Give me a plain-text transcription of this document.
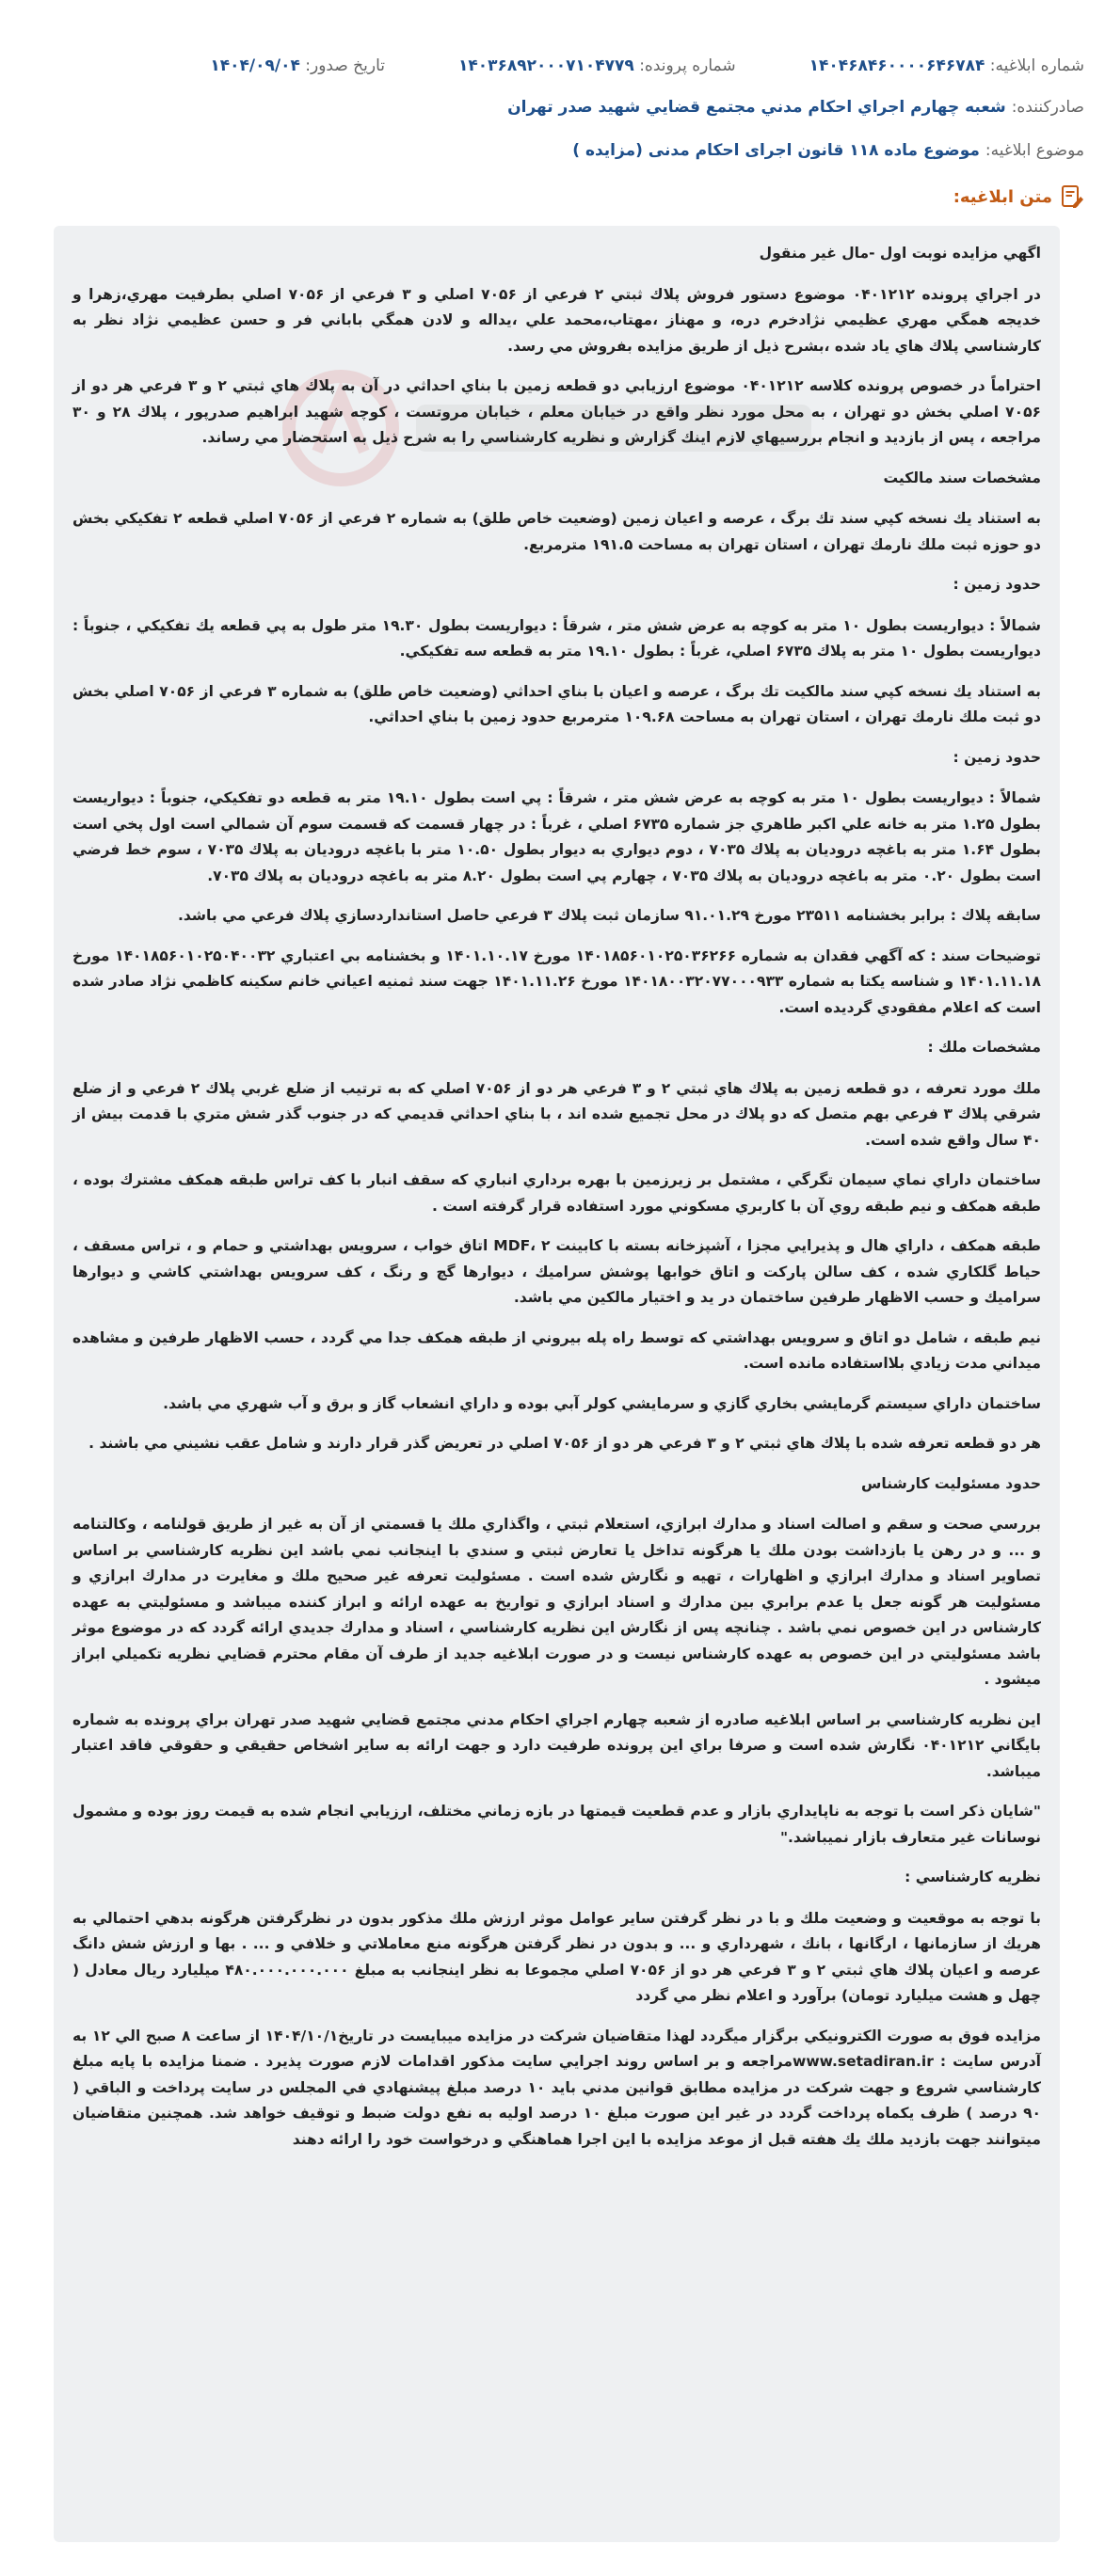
شماره ابلاغیه: ۱۴۰۴۶۸۴۶۰۰۰۰۶۴۶۷۸۴
شماره پرونده: ۱۴۰۳۶۸۹۲۰۰۰۷۱۰۴۷۷۹
تاریخ صدور: ۱۴۰۴/۰۹/۰۴
صادرکننده:
شعبه چهارم اجراي احكام مدني مجتمع قضايي شهيد صدر تهران
موضوع ابلاغیه:
موضوع ماده ۱۱۸ قانون اجرای احکام مدنی (مزایده )
متن ابلاغیه:
اگهي مزايده نوبت اول -مال غير منقول
در اجراي پرونده ۰۴۰۱۲۱۲ موضوع دستور فروش پلاك ثبتي ۲ فرعي از ۷۰۵۶ اصلي و ۳ فرعي از ۷۰۵۶ اصلي بطرفيت مهري،زهرا و خديجه همگي مهري عظيمي نژادخرم دره، و مهناز ،مهتاب،محمد علي ،يداله و لادن همگي باباني فر و حسن عظيمي نژاد نظر به كارشناسي پلاك هاي ياد شده ،بشرح ذيل از طريق مزايده بفروش مي رسد.
احتراماً در خصوص پرونده كلاسه ۰۴۰۱۲۱۲ موضوع ارزيابي دو قطعه زمين با بناي احداثي در آن به پلاك هاي ثبتي ۲ و ۳ فرعي هر دو از ۷۰۵۶ اصلي بخش دو تهران ، به محل مورد نظر واقع در خيابان معلم ، خيابان مروتست ، كوچه شهيد ابراهيم صدرپور ، پلاك ۲۸ و ۳۰ مراجعه ، پس از بازديد و انجام بررسيهاي لازم اينك گزارش و نظريه كارشناسي را به شرح ذيل به استحضار مي رساند.
مشخصات سند مالكيت
به استناد يك نسخه كپي سند تك برگ ، عرصه و اعيان زمين (وضعيت خاص طلق) به شماره ۲ فرعي از ۷۰۵۶ اصلي قطعه ۲ تفكيكي بخش دو حوزه ثبت ملك نارمك تهران ، استان تهران به مساحت ۱۹۱.۵ مترمربع.
حدود زمين :
شمالاً : ديواريست بطول ۱۰ متر به كوچه به عرض شش متر ، شرقاً : ديواريست بطول ۱۹.۳۰ متر طول به پي قطعه يك تفكيكي ، جنوباً : ديواريست بطول ۱۰ متر به پلاك ۶۷۳۵ اصلي، غرباً : بطول ۱۹.۱۰ متر به قطعه سه تفكيكي.
به استناد يك نسخه كپي سند مالكيت تك برگ ، عرصه و اعيان با بناي احداثي (وضعيت خاص طلق) به شماره ۳ فرعي از ۷۰۵۶ اصلي بخش دو ثبت ملك نارمك تهران ، استان تهران به مساحت ۱۰۹.۶۸ مترمربع حدود زمين با بناي احداثي.
حدود زمين :
شمالاً : ديواريست بطول ۱۰ متر به كوچه به عرض شش متر ، شرقاً : پي است بطول ۱۹.۱۰ متر به قطعه دو تفكيكي، جنوباً : ديواريست بطول ۱.۲۵ متر به خانه علي اكبر طاهري جز شماره ۶۷۳۵ اصلي ، غرباً : در چهار قسمت كه قسمت سوم آن شمالي است اول پخي است بطول ۱.۶۴ متر به باغچه دروديان به پلاك ۷۰۳۵ ، دوم ديواري به ديوار بطول ۱۰.۵۰ متر با باغچه دروديان به پلاك ۷۰۳۵ ، سوم خط فرضي است بطول ۰.۲۰ متر به باغچه دروديان به پلاك ۷۰۳۵ ، چهارم پي است بطول ۸.۲۰ متر به باغچه دروديان به پلاك ۷۰۳۵.
سابقه پلاك : برابر بخشنامه ۲۳۵۱۱ مورخ ۹۱.۰۱.۲۹ سازمان ثبت پلاك ۳ فرعي حاصل استانداردسازي پلاك فرعي مي باشد.
توضيحات سند : كه آگهي فقدان به شماره ۱۴۰۱۸۵۶۰۱۰۲۵۰۳۶۲۶۶ مورخ ۱۴۰۱.۱۰.۱۷ و بخشنامه بي اعتباري ۱۴۰۱۸۵۶۰۱۰۲۵۰۴۰۰۳۲ مورخ ۱۴۰۱.۱۱.۱۸ و شناسه يكتا به شماره ۱۴۰۱۸۰۰۳۲۰۷۷۰۰۰۹۳۳ مورخ ۱۴۰۱.۱۱.۲۶ جهت سند ثمنيه اعياني خانم سكينه كاظمي نژاد صادر شده است كه اعلام مفقودي گرديده است.
مشخصات ملك :
ملك مورد تعرفه ، دو قطعه زمين به پلاك هاي ثبتي ۲ و ۳ فرعي هر دو از ۷۰۵۶ اصلي كه به ترتيب از ضلع غربي پلاك ۲ فرعي و از ضلع شرقي پلاك ۳ فرعي بهم متصل كه دو پلاك در محل تجميع شده اند ، با بناي احداثي قديمي كه در جنوب گذر شش متري با قدمت بيش از ۴۰ سال واقع شده است.
ساختمان داراي نماي سيمان تگرگي ، مشتمل بر زيرزمين با بهره برداري انباري كه سقف انبار با كف تراس طبقه همكف مشترك بوده ، طبقه همكف و نيم طبقه روي آن با كاربري مسكوني مورد استفاده قرار گرفته است .
طبقه همكف ، داراي هال و پذيرايي مجزا ، آشپزخانه بسته با كابينت MDF، ۲ اتاق خواب ، سرويس بهداشتي و حمام و ، تراس مسقف ، حياط گلكاري شده ، كف سالن پاركت و اتاق خوابها پوشش سراميك ، ديوارها گچ و رنگ ، كف سرويس بهداشتي كاشي و ديوارها سراميك و حسب الاظهار طرفين ساختمان در يد و اختيار مالكين مي باشد.
نيم طبقه ، شامل دو اتاق و سرويس بهداشتي كه توسط راه پله بيروني از طبقه همكف جدا مي گردد ، حسب الاظهار طرفين و مشاهده ميداني مدت زيادي بلااستفاده مانده است.
ساختمان داراي سيستم گرمايشي بخاري گازي و سرمايشي كولر آبي بوده و داراي انشعاب گاز و برق و آب شهري مي باشد.
هر دو قطعه تعرفه شده با پلاك هاي ثبتي ۲ و ۳ فرعي هر دو از ۷۰۵۶ اصلي در تعريض گذر قرار دارند و شامل عقب نشيني مي باشند .
حدود مسئوليت كارشناس
بررسي صحت و سقم و اصالت اسناد و مدارك ابرازي، استعلام ثبتي ، واگذاري ملك يا قسمتي از آن به غير از طريق قولنامه ، وكالتنامه و ... و در رهن يا بازداشت بودن ملك يا هرگونه تداخل يا تعارض ثبتي و سندي با اينجانب نمي باشد اين نظريه كارشناسي بر اساس تصاوير اسناد و مدارك ابرازي و اظهارات ، تهيه و نگارش شده است . مسئوليت تعرفه غير صحيح ملك و مغايرت در مدارك ابرازي و مسئوليت هر گونه جعل يا عدم برابري بين مدارك و اسناد ابرازي و تواريخ به عهده ارائه و ابراز كننده ميباشد و مسئوليتي به عهده كارشناس در اين خصوص نمي باشد . چنانچه پس از نگارش اين نظريه كارشناسي ، اسناد و مدارك جديدي ارائه گردد كه در موضوع موثر باشد مسئوليتي در اين خصوص به عهده كارشناس نيست و در صورت ابلاغيه جديد از طرف آن مقام محترم قضايي نظريه تكميلي ابراز ميشود .
اين نظريه كارشناسي بر اساس ابلاغيه صادره از شعبه چهارم اجراي احكام مدني مجتمع قضايي شهيد صدر تهران براي پرونده به شماره بايگاني ۰۴۰۱۲۱۲ نگارش شده است و صرفا براي اين پرونده طرفيت دارد و جهت ارائه به ساير اشخاص حقيقي و حقوقي فاقد اعتبار ميباشد.
"شايان ذكر است با توجه به ناپايداري بازار و عدم قطعيت قيمتها در بازه زماني مختلف، ارزيابي انجام شده به قيمت روز بوده و مشمول نوسانات غير متعارف بازار نميباشد."
نظريه كارشناسي :
با توجه به موقعيت و وضعيت ملك و با در نظر گرفتن ساير عوامل موثر ارزش ملك مذكور بدون در نظرگرفتن هرگونه بدهي احتمالي به هريك از سازمانها ، ارگانها ، بانك ، شهرداري و ... و بدون در نظر گرفتن هرگونه منع معاملاتي و خلافي و ... . بها و ارزش شش دانگ عرصه و اعيان پلاك هاي ثبتي ۲ و ۳ فرعي هر دو از ۷۰۵۶ اصلي مجموعا به نظر اينجانب به مبلغ ۴۸۰.۰۰۰.۰۰۰.۰۰۰ ميليارد ريال معادل ( چهل و هشت ميليارد تومان) برآورد و اعلام نظر مي گردد
مزايده فوق به صورت الكترونيكي برگزار ميگردد لهذا متقاضيان شركت در مزايده ميبايست در تاريخ۱۴۰۴/۱۰/۱ از ساعت ۸ صبح الي ۱۲ به آدرس سايت : www.setadiran.irمراجعه و بر اساس روند اجرايي سايت مذكور اقدامات لازم صورت پذيرد . ضمنا مزايده با پايه مبلغ كارشناسي شروع و جهت شركت در مزايده مطابق قوانين مدني بايد ۱۰ درصد مبلغ پيشنهادي في المجلس در سايت پرداخت و الباقي ( ۹۰ درصد ) ظرف يكماه پرداخت گردد در غير اين صورت مبلغ ۱۰ درصد اوليه به نفع دولت ضبط و توقيف خواهد شد. همچنين متقاضيان ميتوانند جهت بازديد ملك يك هفته قبل از موعد مزايده با اين اجرا هماهنگي و درخواست خود را ارائه دهند
